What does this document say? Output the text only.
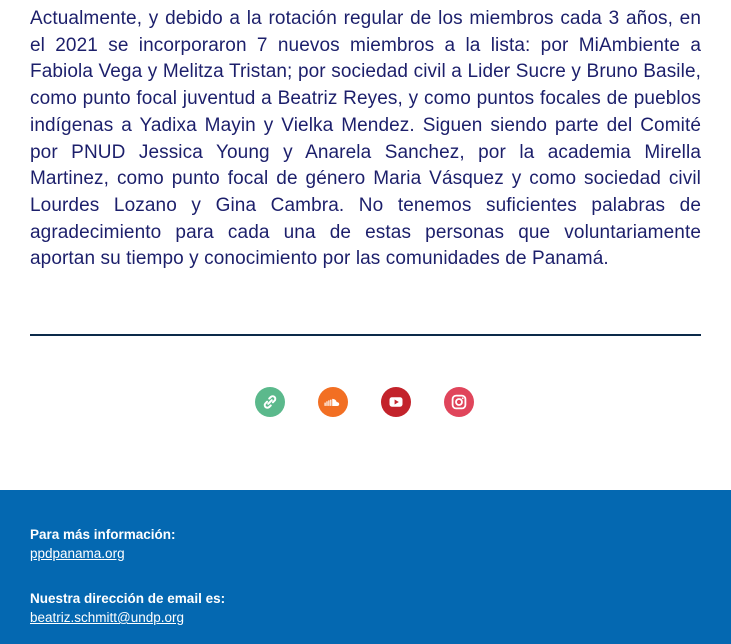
Actualmente, y debido a la rotación regular de los miembros cada 3 años, en el 2021 se incorporaron 7 nuevos miembros a la lista: por MiAmbiente a Fabiola Vega y Melitza Tristan; por sociedad civil a Lider Sucre y Bruno Basile, como punto focal juventud a Beatriz Reyes, y como puntos focales de pueblos indígenas a Yadixa Mayin y Vielka Mendez. Siguen siendo parte del Comité por PNUD Jessica Young y Anarela Sanchez, por la academia Mirella Martinez, como punto focal de género Maria Vásquez y como sociedad civil Lourdes Lozano y Gina Cambra. No tenemos suficientes palabras de agradecimiento para cada una de estas personas que voluntariamente aportan su tiempo y conocimiento por las comunidades de Panamá.

Para más información:
ppdpanama.org
Nuestra dirección de email es:
beatriz.schmitt@undp.org
